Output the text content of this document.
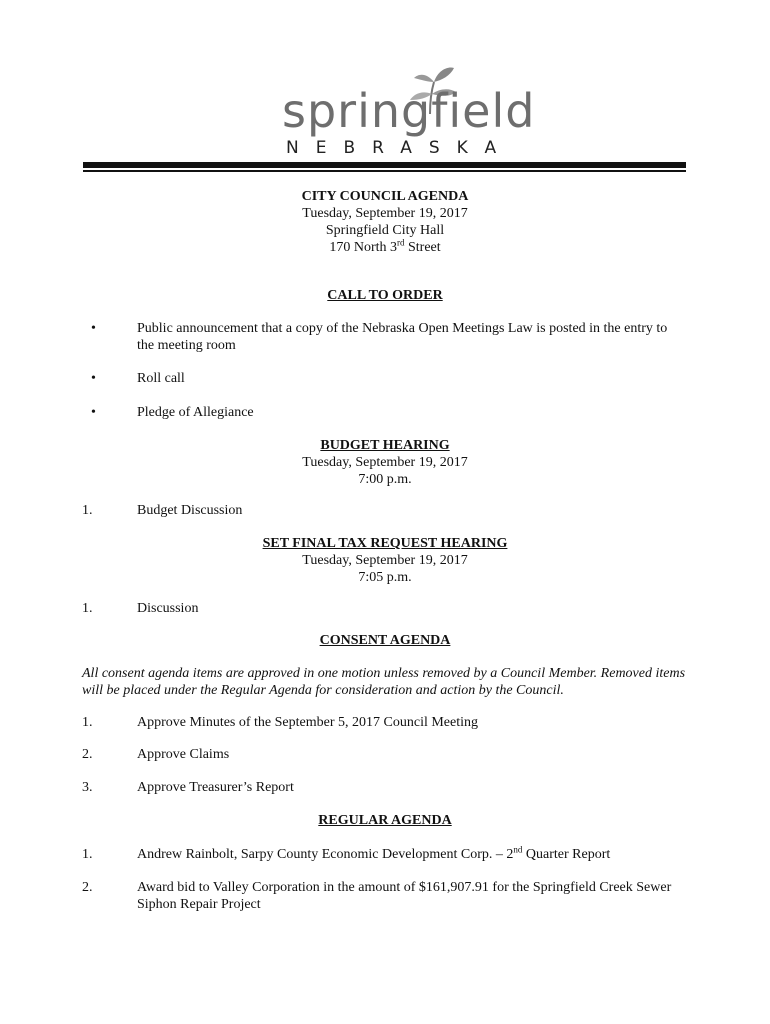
springfield
NEBRASKA
CITY COUNCIL AGENDA
Tuesday, September 19, 2017
Springfield City Hall
170 North 3rd Street
CALL TO ORDER
•	Public announcement that a copy of the Nebraska Open Meetings Law is posted in the entry to the meeting room
•	Roll call
•	Pledge of Allegiance
BUDGET HEARING
Tuesday, September 19, 2017
7:00 p.m.
1.	Budget Discussion
SET FINAL TAX REQUEST HEARING
Tuesday, September 19, 2017
7:05 p.m.
1.	Discussion
CONSENT AGENDA
All consent agenda items are approved in one motion unless removed by a Council Member. Removed items will be placed under the Regular Agenda for consideration and action by the Council.
1.	Approve Minutes of the September 5, 2017 Council Meeting
2.	Approve Claims
3.	Approve Treasurer’s Report
REGULAR AGENDA
1.	Andrew Rainbolt, Sarpy County Economic Development Corp. – 2nd Quarter Report
2.	Award bid to Valley Corporation in the amount of $161,907.91 for the Springfield Creek Sewer Siphon Repair Project
